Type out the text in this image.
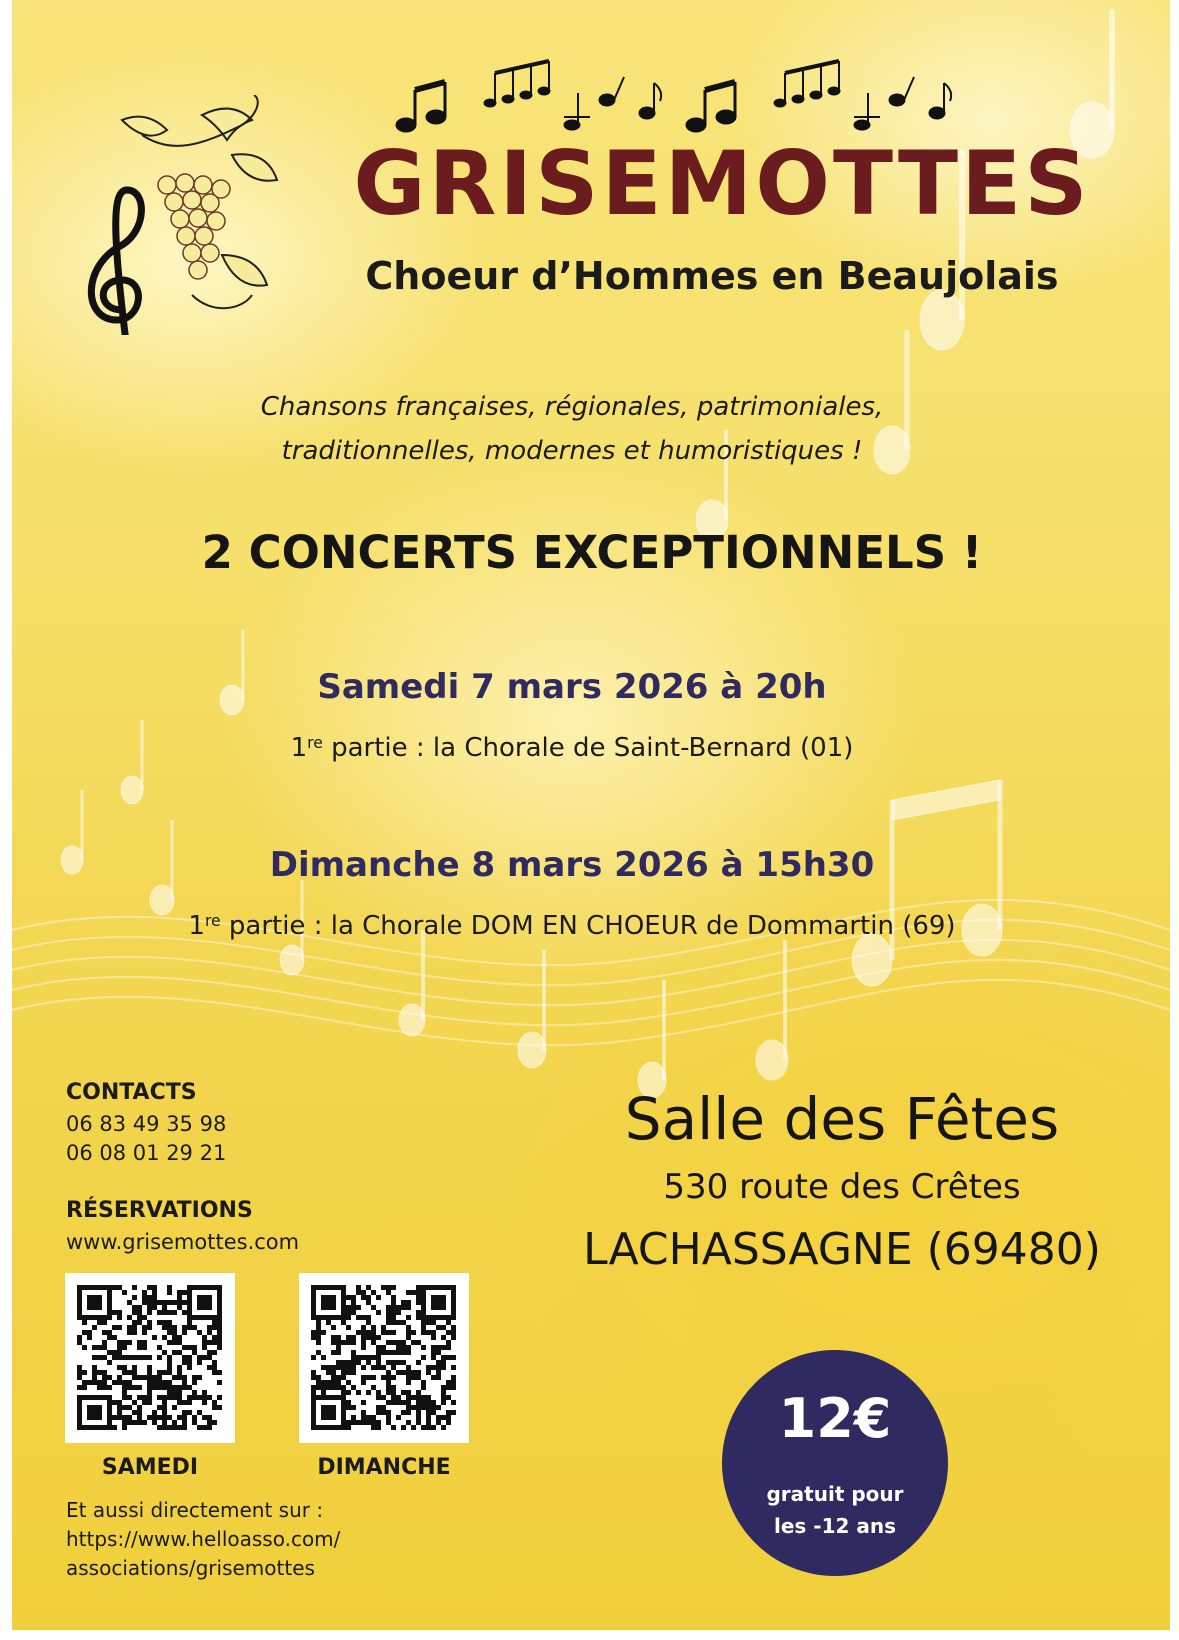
GRISEMOTTES
Choeur d’Hommes en Beaujolais
Chansons françaises, régionales, patrimoniales,
traditionnelles, modernes et humoristiques !
2 CONCERTS EXCEPTIONNELS !
Samedi 7 mars 2026 à 20h
1re partie : la Chorale de Saint-Bernard (01)
Dimanche 8 mars 2026 à 15h30
1re partie : la Chorale DOM EN CHOEUR de Dommartin (69)
CONTACTS
06 83 49 35 98
06 08 01 29 21
RÉSERVATIONS
www.grisemottes.com
SAMEDI	DIMANCHE
Et aussi directement sur :
https://www.helloasso.com/
associations/grisemottes
Salle des Fêtes
530 route des Crêtes
LACHASSAGNE (69480)
12€
gratuit pour
les -12 ans
